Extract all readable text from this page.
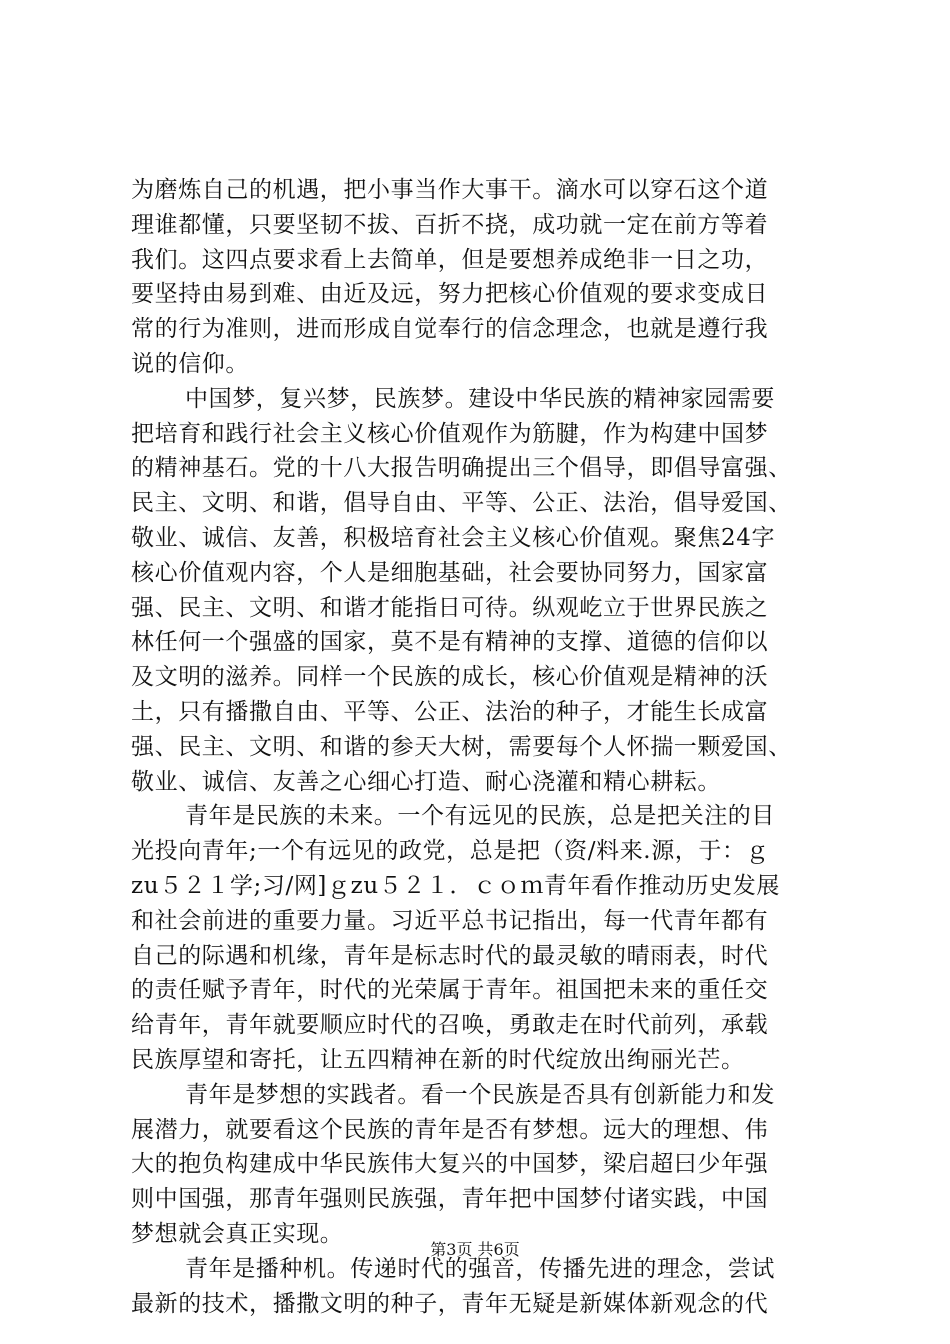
为磨炼自己的机遇，把小事当作大事干。滴水可以穿石这个道
理谁都懂，只要坚韧不拔、百折不挠，成功就一定在前方等着
我们。这四点要求看上去简单，但是要想养成绝非一日之功，
要坚持由易到难、由近及远，努力把核心价值观的要求变成日
常的行为准则，进而形成自觉奉行的信念理念，也就是遵行我
说的信仰。
中国梦，复兴梦，民族梦。建设中华民族的精神家园需要
把培育和践行社会主义核心价值观作为筋腱，作为构建中国梦
的精神基石。党的十八大报告明确提出三个倡导，即倡导富强、
民主、文明、和谐，倡导自由、平等、公正、法治，倡导爱国、
敬业、诚信、友善，积极培育社会主义核心价值观。聚焦24字
核心价值观内容，个人是细胞基础，社会要协同努力，国家富
强、民主、文明、和谐才能指日可待。纵观屹立于世界民族之
林任何一个强盛的国家，莫不是有精神的支撑、道德的信仰以
及文明的滋养。同样一个民族的成长，核心价值观是精神的沃
土，只有播撒自由、平等、公正、法治的种子，才能生长成富
强、民主、文明、和谐的参天大树，需要每个人怀揣一颗爱国、
敬业、诚信、友善之心细心打造、耐心浇灌和精心耕耘。
青年是民族的未来。一个有远见的民族，总是把关注的目
光投向青年;一个有远见的政党，总是把（资/料来.源，于：ｇ
zu５２１学;习/网]ｇzu５２１．ｃｏｍ青年看作推动历史发展
和社会前进的重要力量。习近平总书记指出，每一代青年都有
自己的际遇和机缘，青年是标志时代的最灵敏的晴雨表，时代
的责任赋予青年，时代的光荣属于青年。祖国把未来的重任交
给青年，青年就要顺应时代的召唤，勇敢走在时代前列，承载
民族厚望和寄托，让五四精神在新的时代绽放出绚丽光芒。
青年是梦想的实践者。看一个民族是否具有创新能力和发
展潜力，就要看这个民族的青年是否有梦想。远大的理想、伟
大的抱负构建成中华民族伟大复兴的中国梦，梁启超曰少年强
则中国强，那青年强则民族强，青年把中国梦付诸实践，中国
梦想就会真正实现。
青年是播种机。传递时代的强音，传播先进的理念，尝试
最新的技术，播撒文明的种子，青年无疑是新媒体新观念的代
第3页 共6页
